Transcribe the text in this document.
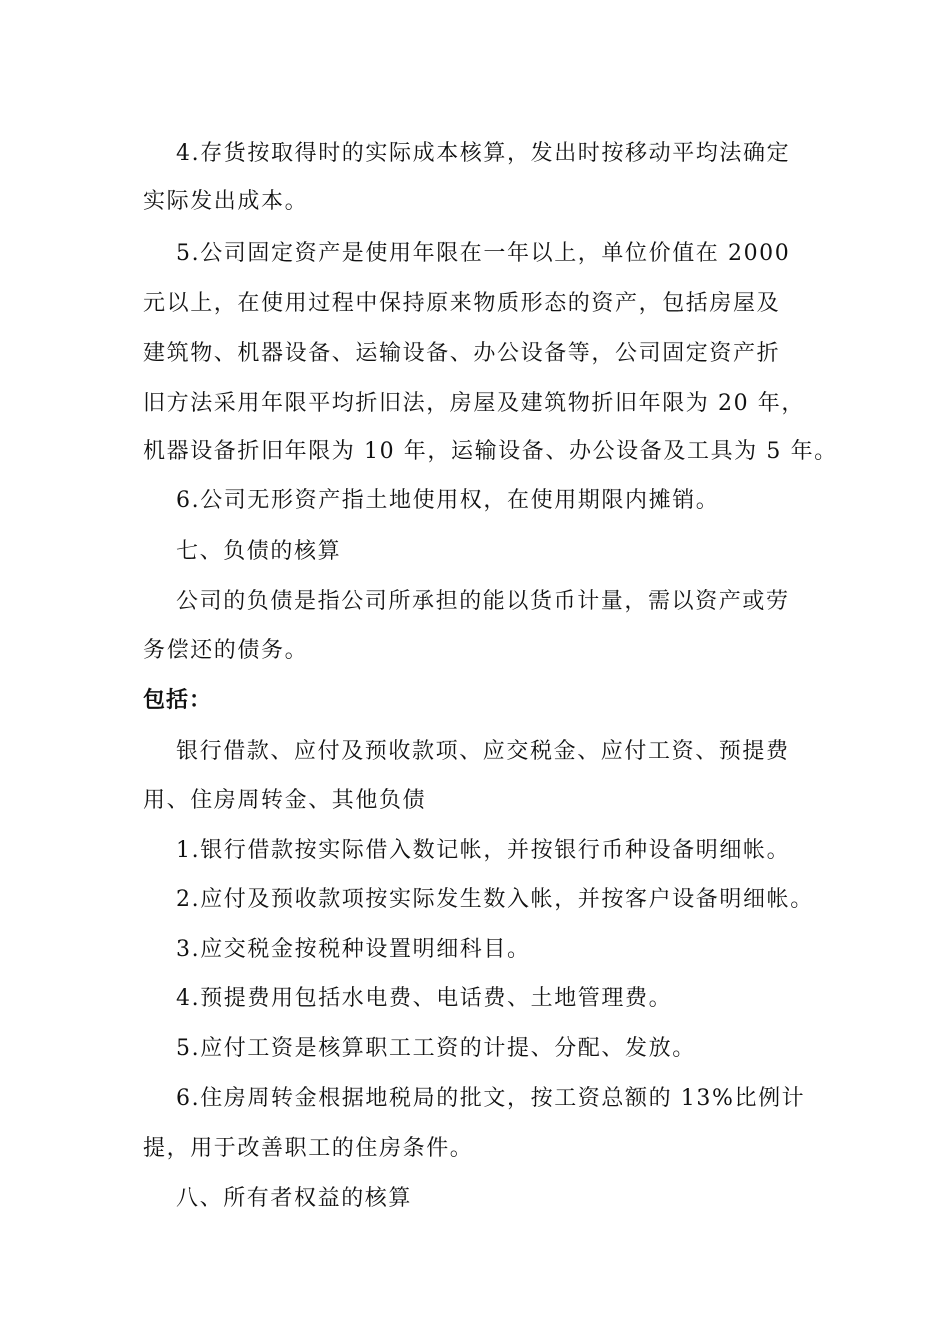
4.存货按取得时的实际成本核算，发出时按移动平均法确定
实际发出成本。
5.公司固定资产是使用年限在一年以上，单位价值在 2000
元以上，在使用过程中保持原来物质形态的资产，包括房屋及
建筑物、机器设备、运输设备、办公设备等，公司固定资产折
旧方法采用年限平均折旧法，房屋及建筑物折旧年限为 20 年，
机器设备折旧年限为 10 年，运输设备、办公设备及工具为 5 年。
6.公司无形资产指土地使用权，在使用期限内摊销。
七、负债的核算
公司的负债是指公司所承担的能以货币计量，需以资产或劳
务偿还的债务。
包括：
银行借款、应付及预收款项、应交税金、应付工资、预提费
用、住房周转金、其他负债
1.银行借款按实际借入数记帐，并按银行币种设备明细帐。
2.应付及预收款项按实际发生数入帐，并按客户设备明细帐。
3.应交税金按税种设置明细科目。
4.预提费用包括水电费、电话费、土地管理费。
5.应付工资是核算职工工资的计提、分配、发放。
6.住房周转金根据地税局的批文，按工资总额的 13%比例计
提，用于改善职工的住房条件。
八、所有者权益的核算
